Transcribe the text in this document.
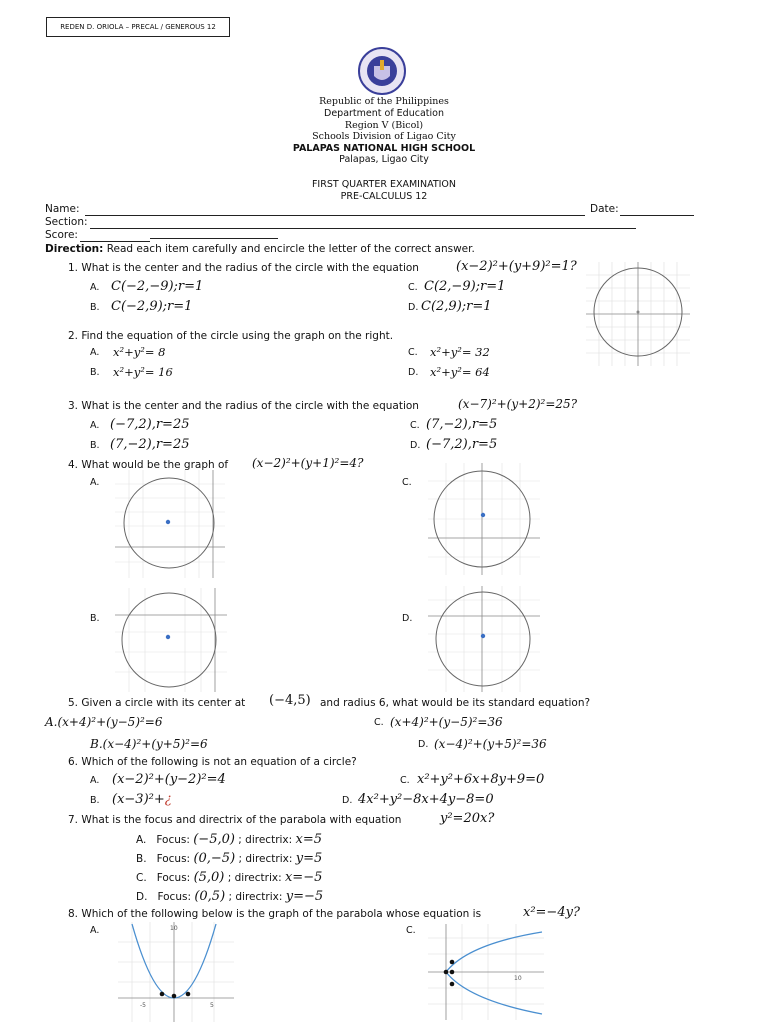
REDEN D. ORIOLA – PRECAL / GENEROUS 12
Republic of the Philippines
Department of Education
Region V (Bicol)
Schools Division of Ligao City
PALAPAS NATIONAL HIGH SCHOOL
Palapas, Ligao City
FIRST QUARTER EXAMINATION
PRE-CALCULUS 12
Name:	Date:
Section:
Score:
Direction: Read each item carefully and encircle the letter of the correct answer.
1. What is the center and the radius of the circle with the equation	(x−2)²+(y+9)²=1?
A. C(−2,−9);r=1
B. C(−2,9);r=1
C. C(2,−9);r=1
D. C(2,9);r=1
2. Find the equation of the circle using the graph on the right.
A. x²+y²= 8
B. x²+y²= 16
C. x²+y²= 32
D. x²+y²= 64
3. What is the center and the radius of the circle with the equation	(x−7)²+(y+2)²=25?
A. (−7,2),r=25
B. (7,−2),r=25
C. (7,−2),r=5
D. (−7,2),r=5
4. What would be the graph of (x−2)²+(y+1)²=4?
A.	C.
B.	D.
5. Given a circle with its center at (−4,5) and radius 6, what would be its standard equation?
A.(x+4)²+(y−5)²=6
B.(x−4)²+(y+5)²=6
C. (x+4)²+(y−5)²=36
D. (x−4)²+(y+5)²=36
6. Which of the following is not an equation of a circle?
A. (x−2)²+(y−2)²=4
B. (x−3)²+¿
C. x²+y²+6x+8y+9=0
D. 4x²+y²−8x+4y−8=0
7. What is the focus and directrix of the parabola with equation	y²=20x?
A. Focus: (−5,0) ; directrix: x=5
B. Focus: (0,−5) ; directrix: y=5
C. Focus: (5,0) ; directrix: x=−5
D. Focus: (0,5) ; directrix: y=−5
8. Which of the following below is the graph of the parabola whose equation is	x²=−4y?
A.	C.
10
-5	5
10
